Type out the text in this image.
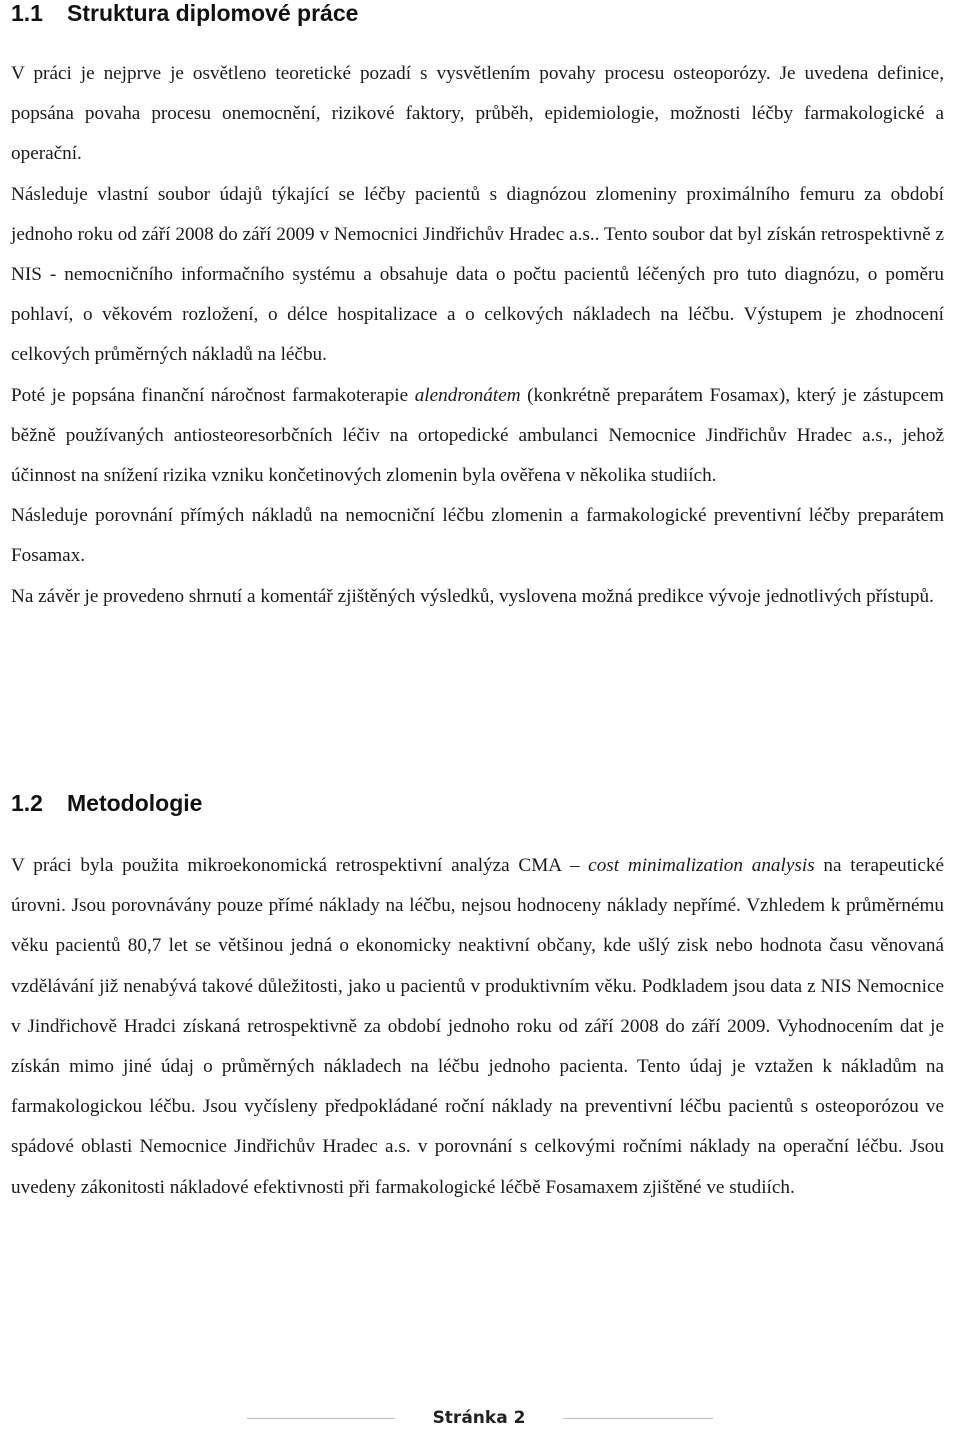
1.1 Struktura diplomové práce

V práci je nejprve je osvětleno teoretické pozadí s vysvětlením povahy procesu osteoporózy. Je uvedena definice, popsána povaha procesu onemocnění, rizikové faktory, průběh, epidemiologie, možnosti léčby farmakologické a operační.

Následuje vlastní soubor údajů týkající se léčby pacientů s diagnózou zlomeniny proximálního femuru za období jednoho roku od září 2008 do září 2009 v Nemocnici Jindřichův Hradec a.s.. Tento soubor dat byl získán retrospektivně z NIS - nemocničního informačního systému a obsahuje data o počtu pacientů léčených pro tuto diagnózu, o poměru pohlaví, o věkovém rozložení, o délce hospitalizace a o celkových nákladech na léčbu. Výstupem je zhodnocení celkových průměrných nákladů na léčbu.

Poté je popsána finanční náročnost farmakoterapie alendronátem (konkrétně preparátem Fosamax), který je zástupcem běžně používaných antiosteoresorbčních léčiv na ortopedické ambulanci Nemocnice Jindřichův Hradec a.s., jehož účinnost na snížení rizika vzniku končetinových zlomenin byla ověřena v několika studiích.

Následuje porovnání přímých nákladů na nemocniční léčbu zlomenin a farmakologické preventivní léčby preparátem Fosamax.

Na závěr je provedeno shrnutí a komentář zjištěných výsledků, vyslovena možná predikce vývoje jednotlivých přístupů.

1.2 Metodologie

V práci byla použita mikroekonomická retrospektivní analýza CMA – cost minimalization analysis na terapeutické úrovni. Jsou porovnávány pouze přímé náklady na léčbu, nejsou hodnoceny náklady nepřímé. Vzhledem k průměrnému věku pacientů 80,7 let se většinou jedná o ekonomicky neaktivní občany, kde ušlý zisk nebo hodnota času věnovaná vzdělávání již nenabývá takové důležitosti, jako u pacientů v produktivním věku. Podkladem jsou data z NIS Nemocnice v Jindřichově Hradci získaná retrospektivně za období jednoho roku od září 2008 do září 2009. Vyhodnocením dat je získán mimo jiné údaj o průměrných nákladech na léčbu jednoho pacienta. Tento údaj je vztažen k nákladům na farmakologickou léčbu. Jsou vyčísleny předpokládané roční náklady na preventivní léčbu pacientů s osteoporózou ve spádové oblasti Nemocnice Jindřichův Hradec a.s. v porovnání s celkovými ročními náklady na operační léčbu. Jsou uvedeny zákonitosti nákladové efektivnosti při farmakologické léčbě Fosamaxem zjištěné ve studiích.

Stránka 2
